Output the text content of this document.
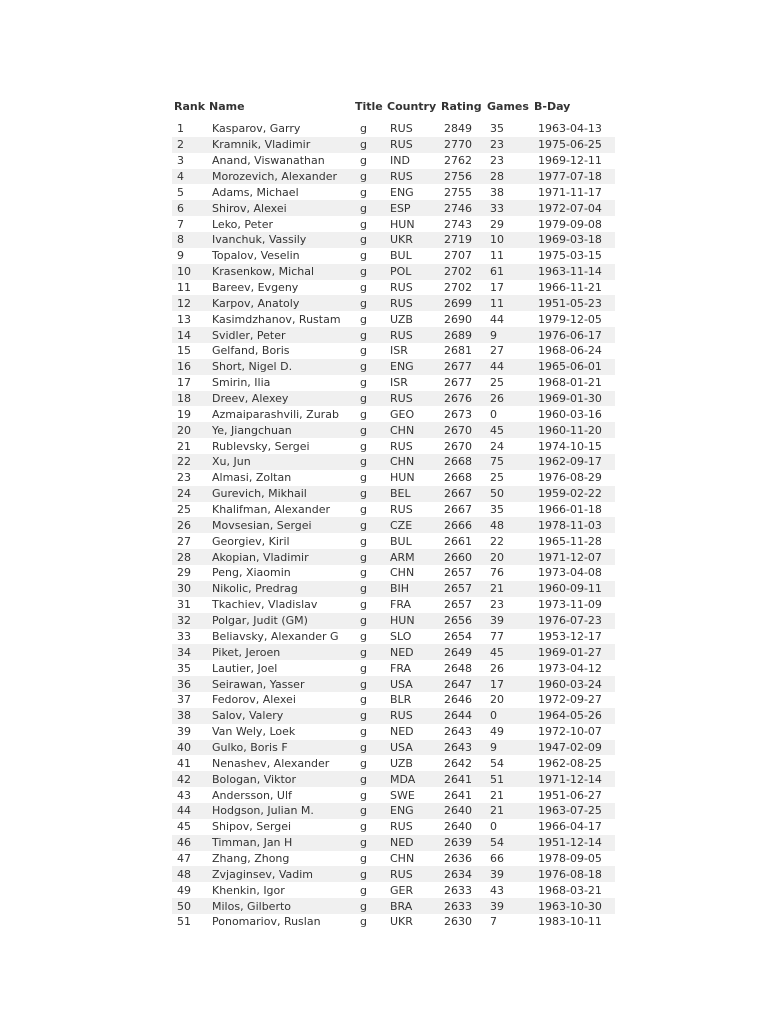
Rank	Name	Title	Country	Rating	Games	B-Day
1	Kasparov, Garry	g	RUS	2849	35	1963-04-13
2	Kramnik, Vladimir	g	RUS	2770	23	1975-06-25
3	Anand, Viswanathan	g	IND	2762	23	1969-12-11
4	Morozevich, Alexander	g	RUS	2756	28	1977-07-18
5	Adams, Michael	g	ENG	2755	38	1971-11-17
6	Shirov, Alexei	g	ESP	2746	33	1972-07-04
7	Leko, Peter	g	HUN	2743	29	1979-09-08
8	Ivanchuk, Vassily	g	UKR	2719	10	1969-03-18
9	Topalov, Veselin	g	BUL	2707	11	1975-03-15
10	Krasenkow, Michal	g	POL	2702	61	1963-11-14
11	Bareev, Evgeny	g	RUS	2702	17	1966-11-21
12	Karpov, Anatoly	g	RUS	2699	11	1951-05-23
13	Kasimdzhanov, Rustam	g	UZB	2690	44	1979-12-05
14	Svidler, Peter	g	RUS	2689	9	1976-06-17
15	Gelfand, Boris	g	ISR	2681	27	1968-06-24
16	Short, Nigel D.	g	ENG	2677	44	1965-06-01
17	Smirin, Ilia	g	ISR	2677	25	1968-01-21
18	Dreev, Alexey	g	RUS	2676	26	1969-01-30
19	Azmaiparashvili, Zurab	g	GEO	2673	0	1960-03-16
20	Ye, Jiangchuan	g	CHN	2670	45	1960-11-20
21	Rublevsky, Sergei	g	RUS	2670	24	1974-10-15
22	Xu, Jun	g	CHN	2668	75	1962-09-17
23	Almasi, Zoltan	g	HUN	2668	25	1976-08-29
24	Gurevich, Mikhail	g	BEL	2667	50	1959-02-22
25	Khalifman, Alexander	g	RUS	2667	35	1966-01-18
26	Movsesian, Sergei	g	CZE	2666	48	1978-11-03
27	Georgiev, Kiril	g	BUL	2661	22	1965-11-28
28	Akopian, Vladimir	g	ARM	2660	20	1971-12-07
29	Peng, Xiaomin	g	CHN	2657	76	1973-04-08
30	Nikolic, Predrag	g	BIH	2657	21	1960-09-11
31	Tkachiev, Vladislav	g	FRA	2657	23	1973-11-09
32	Polgar, Judit (GM)	g	HUN	2656	39	1976-07-23
33	Beliavsky, Alexander G	g	SLO	2654	77	1953-12-17
34	Piket, Jeroen	g	NED	2649	45	1969-01-27
35	Lautier, Joel	g	FRA	2648	26	1973-04-12
36	Seirawan, Yasser	g	USA	2647	17	1960-03-24
37	Fedorov, Alexei	g	BLR	2646	20	1972-09-27
38	Salov, Valery	g	RUS	2644	0	1964-05-26
39	Van Wely, Loek	g	NED	2643	49	1972-10-07
40	Gulko, Boris F	g	USA	2643	9	1947-02-09
41	Nenashev, Alexander	g	UZB	2642	54	1962-08-25
42	Bologan, Viktor	g	MDA	2641	51	1971-12-14
43	Andersson, Ulf	g	SWE	2641	21	1951-06-27
44	Hodgson, Julian M.	g	ENG	2640	21	1963-07-25
45	Shipov, Sergei	g	RUS	2640	0	1966-04-17
46	Timman, Jan H	g	NED	2639	54	1951-12-14
47	Zhang, Zhong	g	CHN	2636	66	1978-09-05
48	Zvjaginsev, Vadim	g	RUS	2634	39	1976-08-18
49	Khenkin, Igor	g	GER	2633	43	1968-03-21
50	Milos, Gilberto	g	BRA	2633	39	1963-10-30
51	Ponomariov, Ruslan	g	UKR	2630	7	1983-10-11
